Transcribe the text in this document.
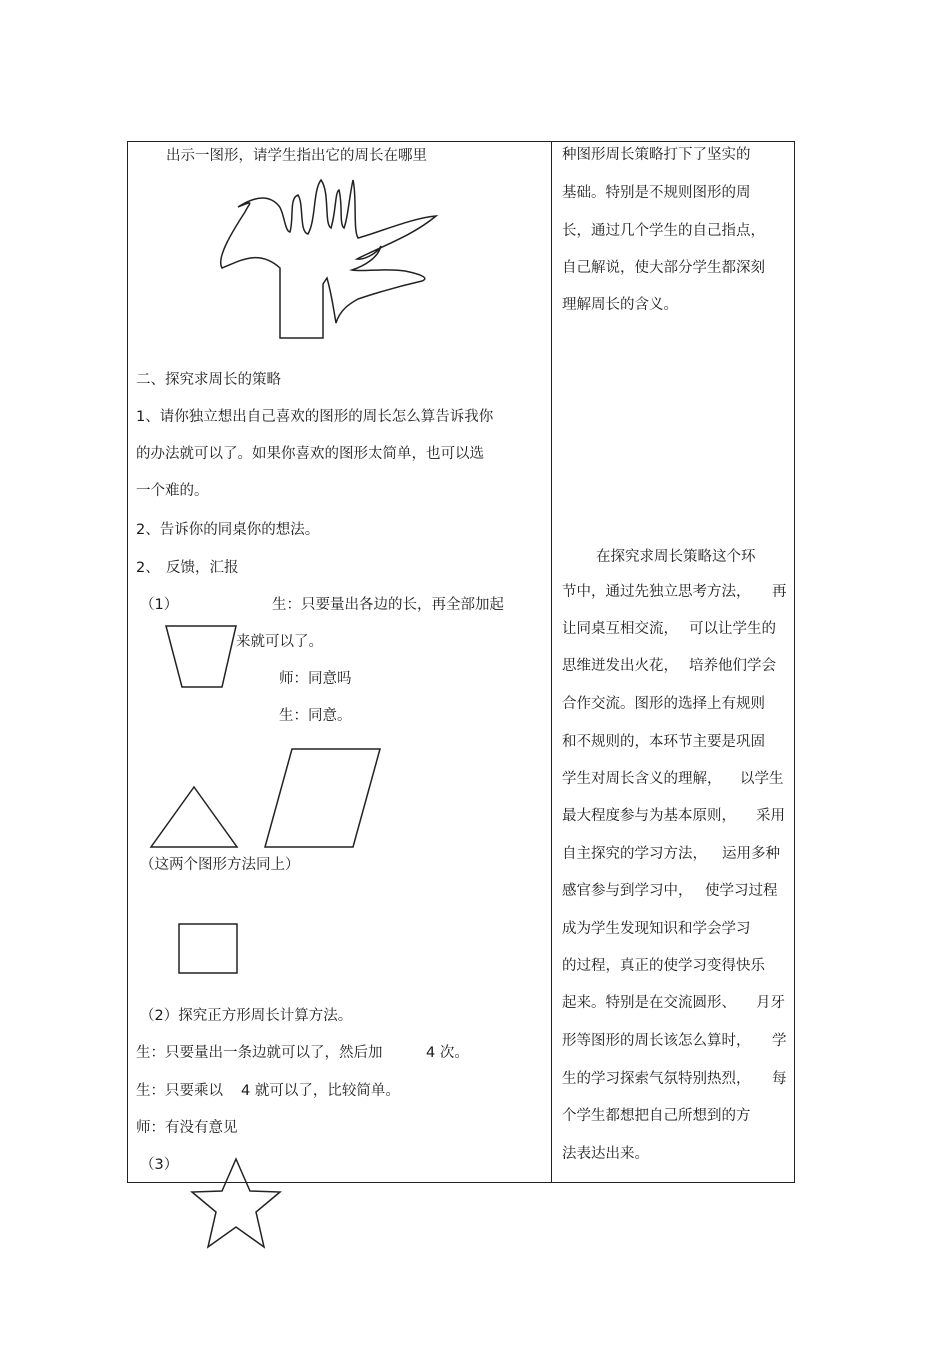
出示一图形，请学生指出它的周长在哪里
二、探究求周长的策略
1、请你独立想出自己喜欢的图形的周长怎么算告诉我你
的办法就可以了。如果你喜欢的图形太简单，也可以选
一个难的。
2、告诉你的同桌你的想法。
2、 反馈，汇报
（1）	生：只要量出各边的长，再全部加起
来就可以了。
师：同意吗
生：同意。
（这两个图形方法同上）
（2）探究正方形周长计算方法。
生：只要量出一条边就可以了，然后加	4 次。
生：只要乘以 4 就可以了，比较简单。
师：有没有意见
（3）
种图形周长策略打下了坚实的
基础。特别是不规则图形的周
长，通过几个学生的自己指点，
自己解说，使大部分学生都深刻
理解周长的含义。
在探究求周长策略这个环
节中，通过先独立思考方法， 再
让同桌互相交流， 可以让学生的
思维迸发出火花， 培养他们学会
合作交流。图形的选择上有规则
和不规则的，本环节主要是巩固
学生对周长含义的理解， 以学生
最大程度参与为基本原则， 采用
自主探究的学习方法， 运用多种
感官参与到学习中， 使学习过程
成为学生发现知识和学会学习
的过程，真正的使学习变得快乐
起来。特别是在交流圆形、 月牙
形等图形的周长该怎么算时， 学
生的学习探索气氛特别热烈， 每
个学生都想把自己所想到的方
法表达出来。
